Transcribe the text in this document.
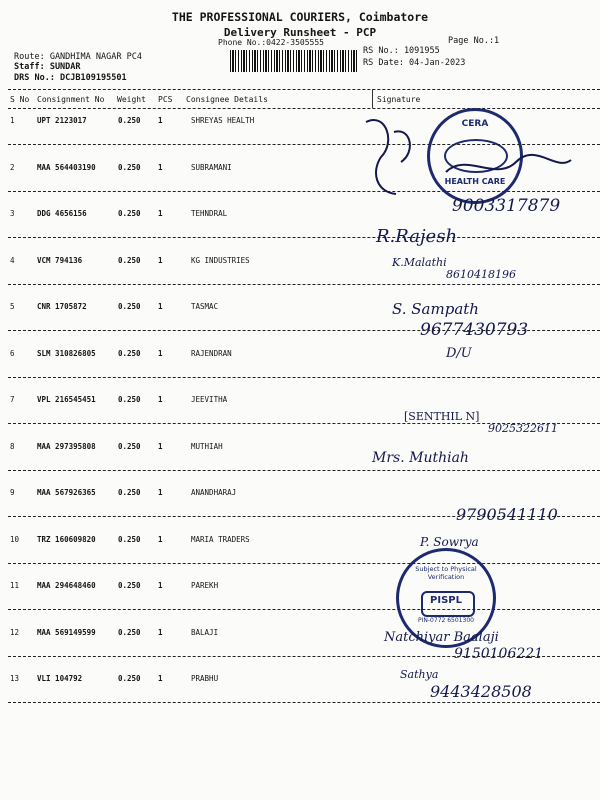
THE PROFESSIONAL COURIERS, Coimbatore
Delivery Runsheet - PCP
Phone No.:0422-3505555	Page No.:1
Route: GANDHIMA NAGAR PC4
Staff: SUNDAR
DRS No.: DCJB109195501
RS No.: 1091955
RS Date: 04-Jan-2023
S No Consignment No Weight PCS Consignee Details	Signature
1	UPT 2123017	0.250 1	SHREYAS HEALTH
2	MAA 564403190	0.250 1	SUBRAMANI
3	DDG 4656156	0.250 1	TEHNDRAL
4	VCM 794136	0.250 1	KG INDUSTRIES
5	CNR 1705872	0.250 1	TASMAC
6	SLM 310826805	0.250 1	RAJENDRAN
7	VPL 216545451	0.250 1	JEEVITHA
8	MAA 297395808	0.250 1	MUTHIAH
9	MAA 567926365	0.250 1	ANANDHARAJ
10 TRZ 160609820	0.250 1	MARIA TRADERS
11 MAA 294648460	0.250 1	PAREKH
12 MAA 569149599	0.250 1	BALAJI
13 VLI 104792	0.250 1	PRABHU
CERA
HEALTH CARE
Subject to Physical Verification
PISPL
PIN-0772 6501300
9003317879
R.Rajesh
K.Malathi
8610418196
S. Sampath
9677430793
D/U
[SENTHIL N]
9025322611
Mrs. Muthiah
9790541110
P. Sowrya
Natchiyar Baalaji
9150106221
Sathya
9443428508
